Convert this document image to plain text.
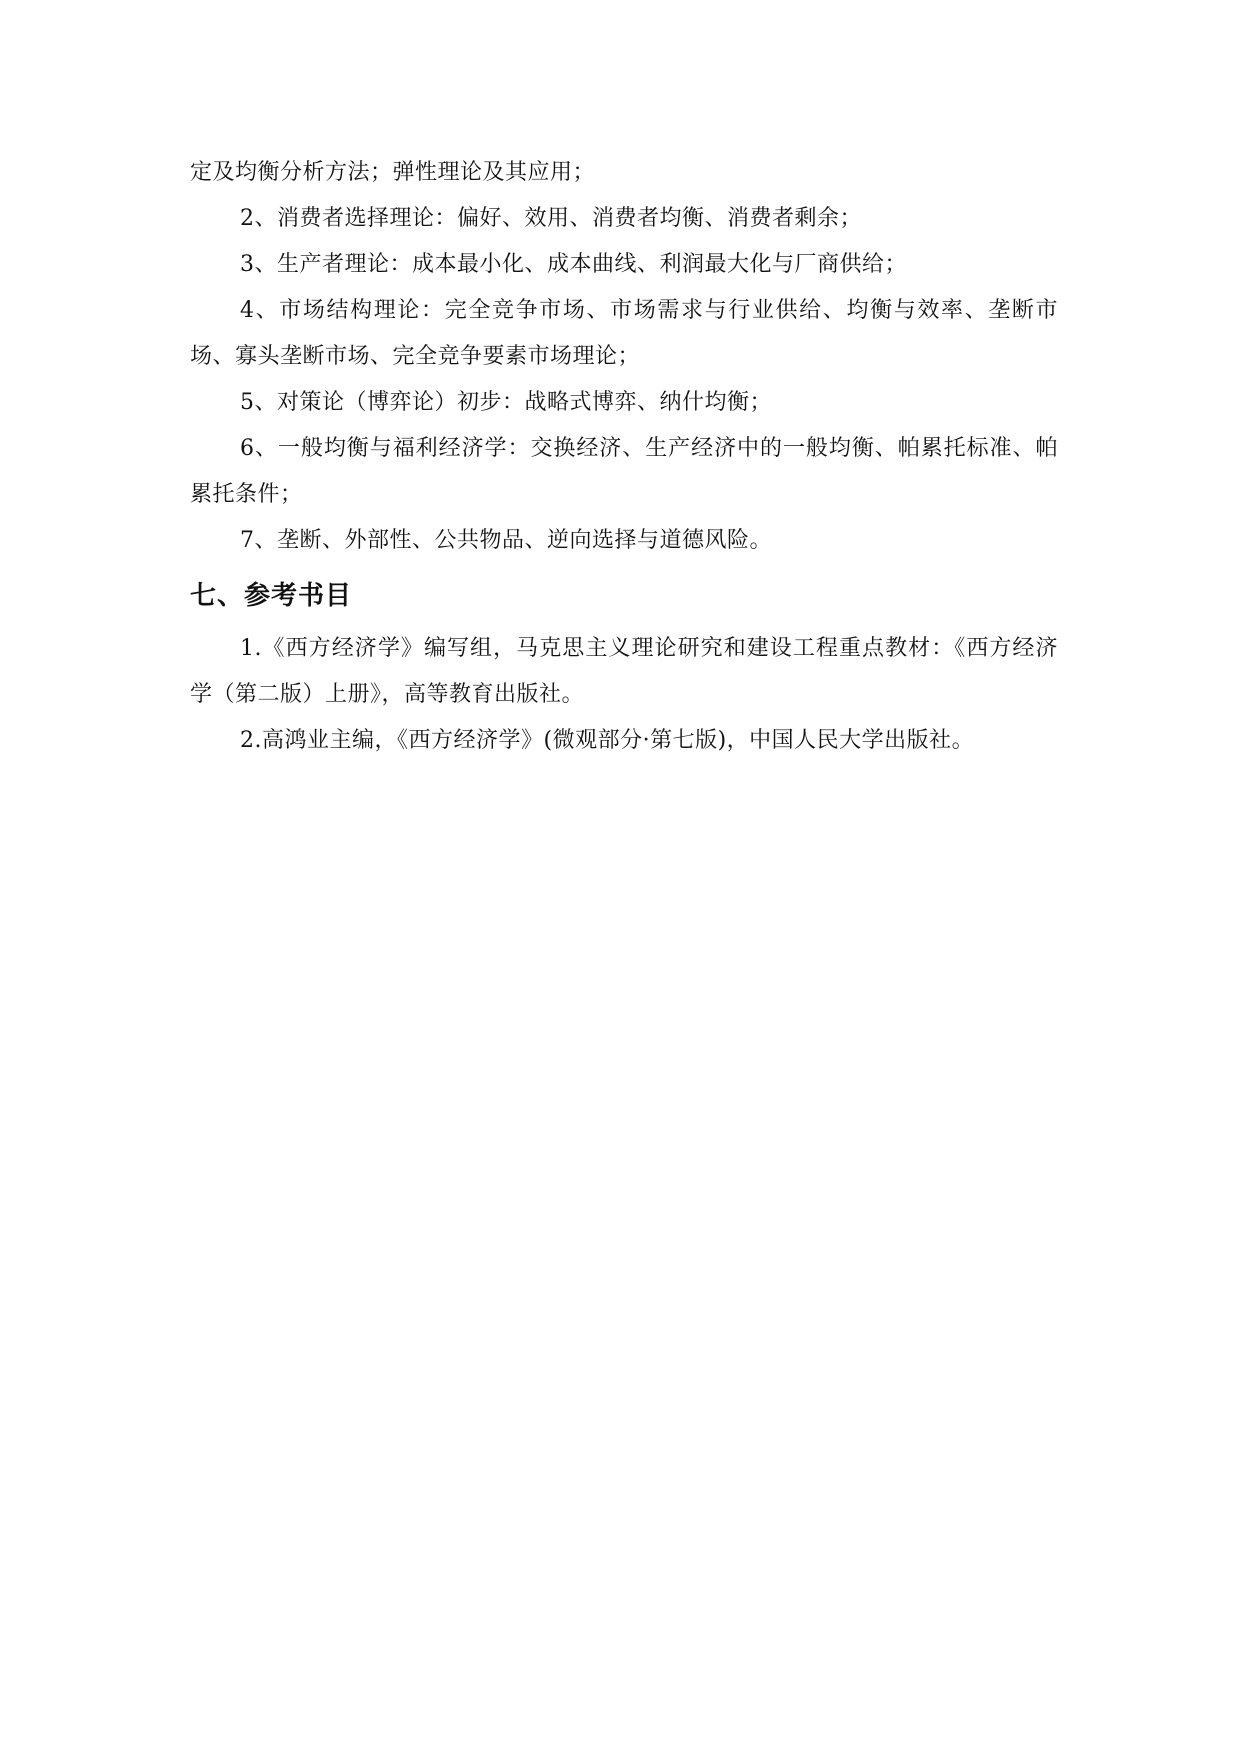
定及均衡分析方法；弹性理论及其应用；

2、消费者选择理论：偏好、效用、消费者均衡、消费者剩余；

3、生产者理论：成本最小化、成本曲线、利润最大化与厂商供给；

4、市场结构理论：完全竞争市场、市场需求与行业供给、均衡与效率、垄断市场、寡头垄断市场、完全竞争要素市场理论；

5、对策论（博弈论）初步：战略式博弈、纳什均衡；

6、一般均衡与福利经济学：交换经济、生产经济中的一般均衡、帕累托标准、帕累托条件；

7、垄断、外部性、公共物品、逆向选择与道德风险。

七、参考书目

1.《西方经济学》编写组，马克思主义理论研究和建设工程重点教材：《西方经济学（第二版）上册》，高等教育出版社。

2.高鸿业主编，《西方经济学》(微观部分·第七版)，中国人民大学出版社。
